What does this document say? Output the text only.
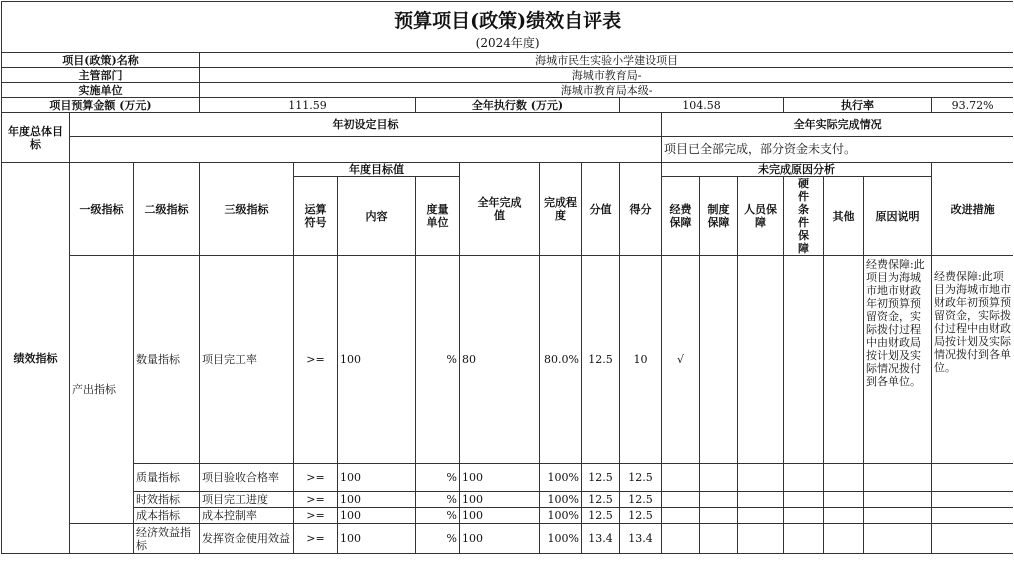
预算项目(政策)绩效自评表																	
(2024年度)																	
项目(政策)名称			海城市民生实验小学建设项目														
主管部门			海城市教育局-														
实施单位			海城市教育局本级-														
项目预算金额 (万元)			111.59			全年执行数 (万元)				104.58				执行率			93.72%
年度总体目标	年初设定目标										全年实际完成情况						
											项目已全部完成，部分资金未支付。						
绩效指标	一级指标	二级指标	三级指标	年度目标值			全年完成值	完成程度	分值	得分	未完成原因分析						改进措施
				运算符号	内容	度量单位					经费保障	制度保障	人员保障	硬件条件保障	其他	原因说明	

	产出指标	数量指标	项目完工率	>=	100	%	80	80.0%	12.5	10	√					经费保障:此项目为海城市地市财政年初预算预留资金，实际拨付过程中由财政局按计划及实际情况拨付到各单位。	经费保障:此项目为海城市地市财政年初预算预留资金，实际拨付过程中由财政局按计划及实际情况拨付到各单位。
		质量指标	项目验收合格率	>=	100	%	100	100%	12.5	12.5							
		时效指标	项目完工进度	>=	100	%	100	100%	12.5	12.5							
		成本指标	成本控制率	>=	100	%	100	100%	12.5	12.5							
		经济效益指标	发挥资金使用效益	>=	100	%	100	100%	13.4	13.4							
